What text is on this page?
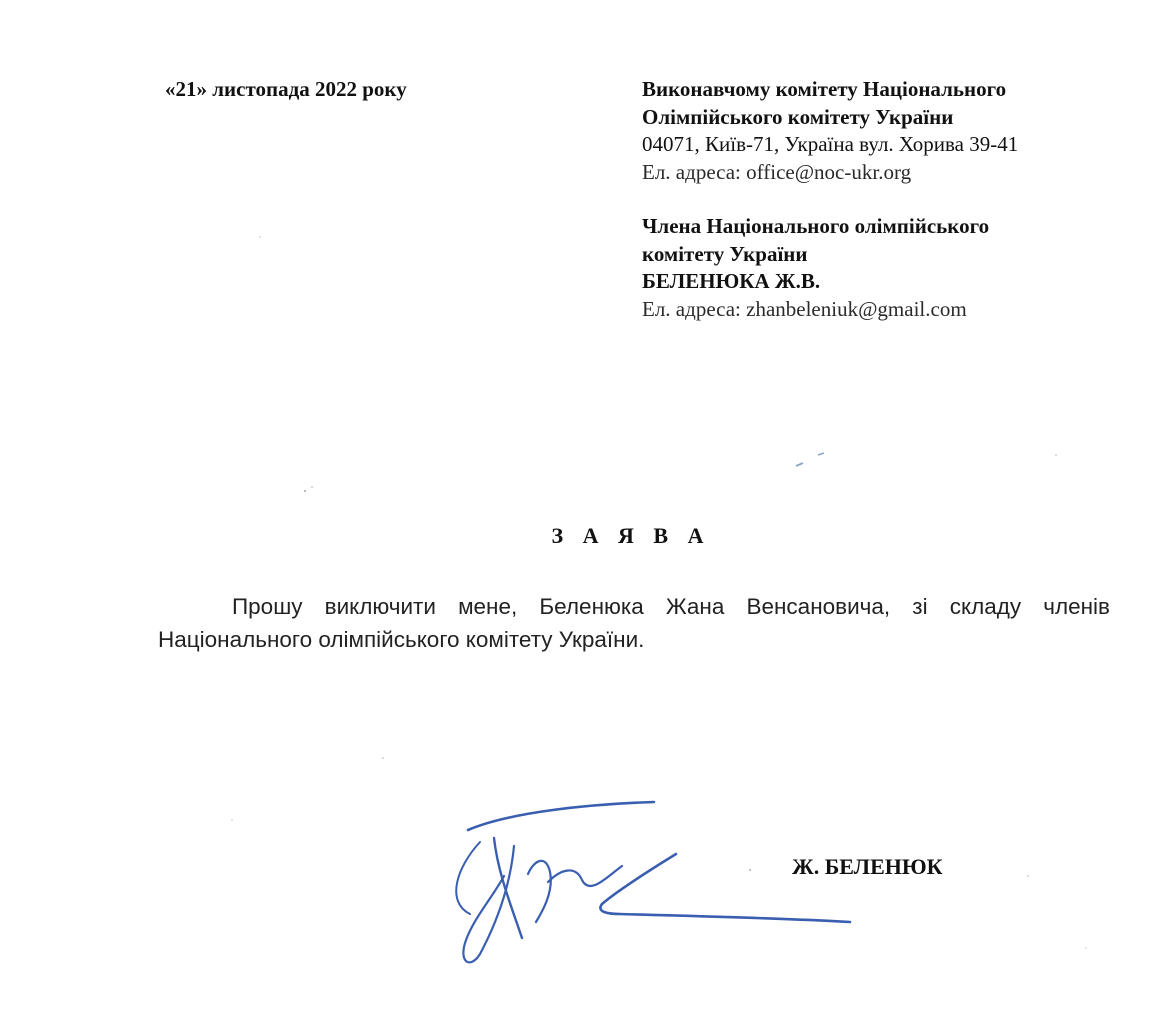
«21» листопада 2022 року	Виконавчому комітету Національного
Олімпійського комітету України
04071, Київ-71, Україна вул. Хорива 39-41
Ел. адреса: office@noc-ukr.org
Члена Національного олімпійського
комітету України
БЕЛЕНЮКА Ж.В.
Ел. адреса: zhanbeleniuk@gmail.com
З А Я В А
Прошу виключити мене, Беленюка Жана Венсановича, зі складу членів Національного олімпійського комітету України.
Ж. БЕЛЕНЮК
